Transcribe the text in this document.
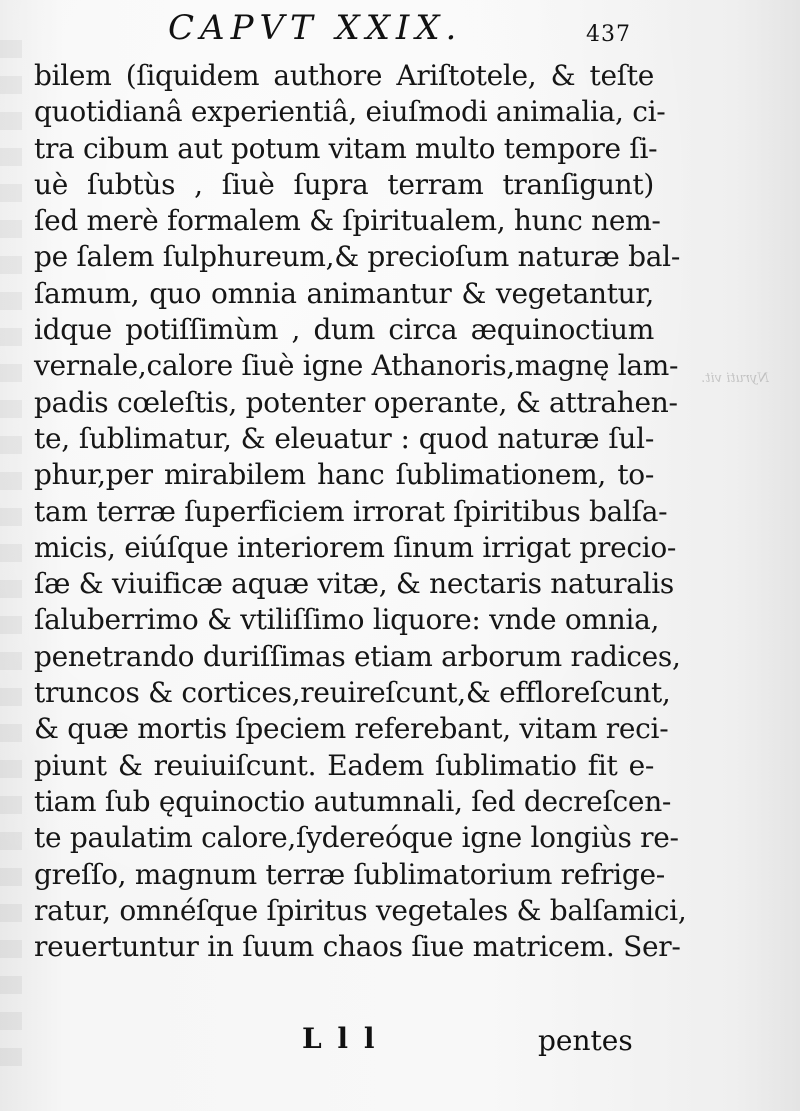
Nyruti vit.
CAPVT XXIX.	437
bilem (ſiquidem authore Ariſtotele, & teſte
quotidianâ experientiâ, eiuſmodi animalia, ci-
tra cibum aut potum vitam multo tempore ſi-
uè ſubtùs , ſiuè ſupra terram tranſigunt)
ſed merè formalem & ſpiritualem, hunc nem-
pe ſalem ſulphureum,& precioſum naturæ bal-
ſamum, quo omnia animantur & vegetantur,
idque potiſſimùm , dum circa æquinoctium
vernale,calore ſiuè igne Athanoris,magnę lam-
padis cœleſtis, potenter operante, & attrahen-
te, ſublimatur, & eleuatur : quod naturæ ſul-
phur,per mirabilem hanc ſublimationem, to-
tam terræ ſuperficiem irrorat ſpiritibus balſa-
micis, eiúſque interiorem ſinum irrigat precio-
ſæ & viuificæ aquæ vitæ, & nectaris naturalis
ſaluberrimo & vtiliſſimo liquore: vnde omnia,
penetrando duriſſimas etiam arborum radices,
truncos & cortices,reuireſcunt,& effloreſcunt,
& quæ mortis ſpeciem referebant, vitam reci-
piunt & reuiuiſcunt. Eadem ſublimatio fit e-
tiam ſub ęquinoctio autumnali, ſed decreſcen-
te paulatim calore,ſydereóque igne longiùs re-
greſſo, magnum terræ ſublimatorium refrige-
ratur, omnéſque ſpiritus vegetales & balſamici,
reuertuntur in ſuum chaos ſiue matricem. Ser-
L l l	pentes
